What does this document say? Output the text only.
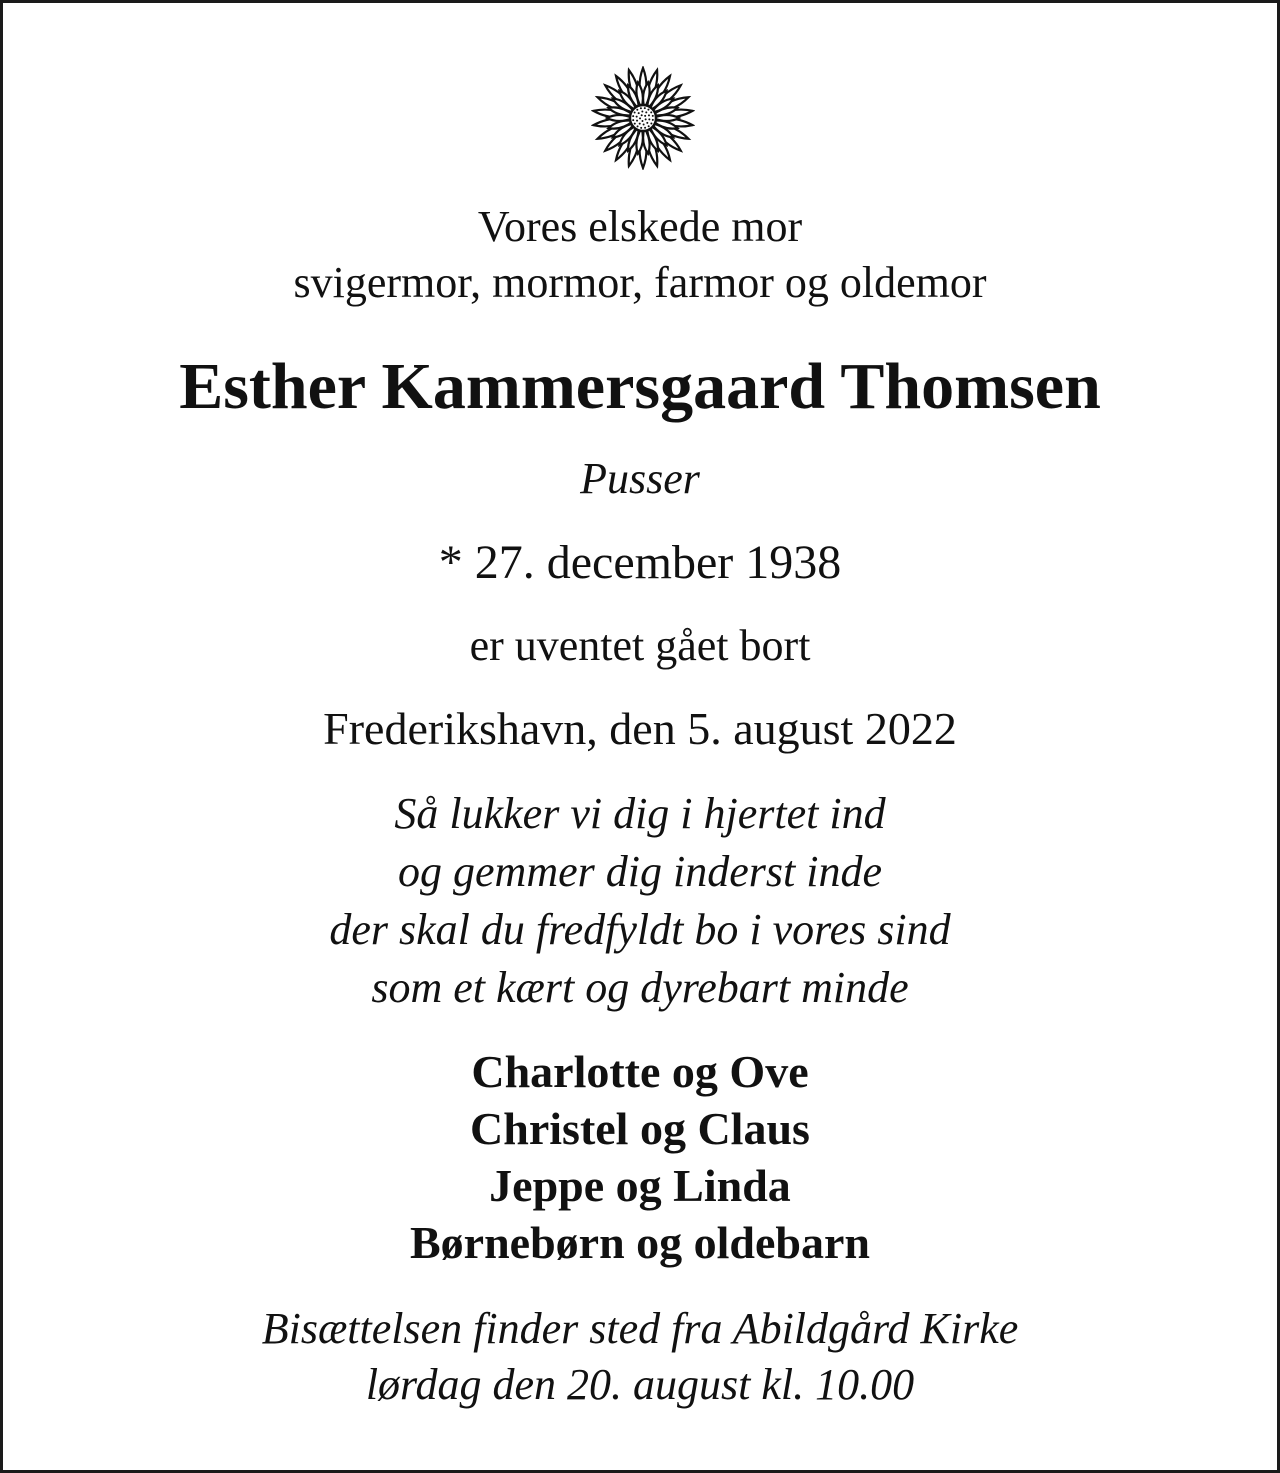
Vores elskede mor
svigermor, mormor, farmor og oldemor
Esther Kammersgaard Thomsen
Pusser
* 27. december 1938
er uventet gået bort
Frederikshavn, den 5. august 2022
Så lukker vi dig i hjertet ind
og gemmer dig inderst inde
der skal du fredfyldt bo i vores sind
som et kært og dyrebart minde
Charlotte og Ove
Christel og Claus
Jeppe og Linda
Børnebørn og oldebarn
Bisættelsen finder sted fra Abildgård Kirke
lørdag den 20. august kl. 10.00
